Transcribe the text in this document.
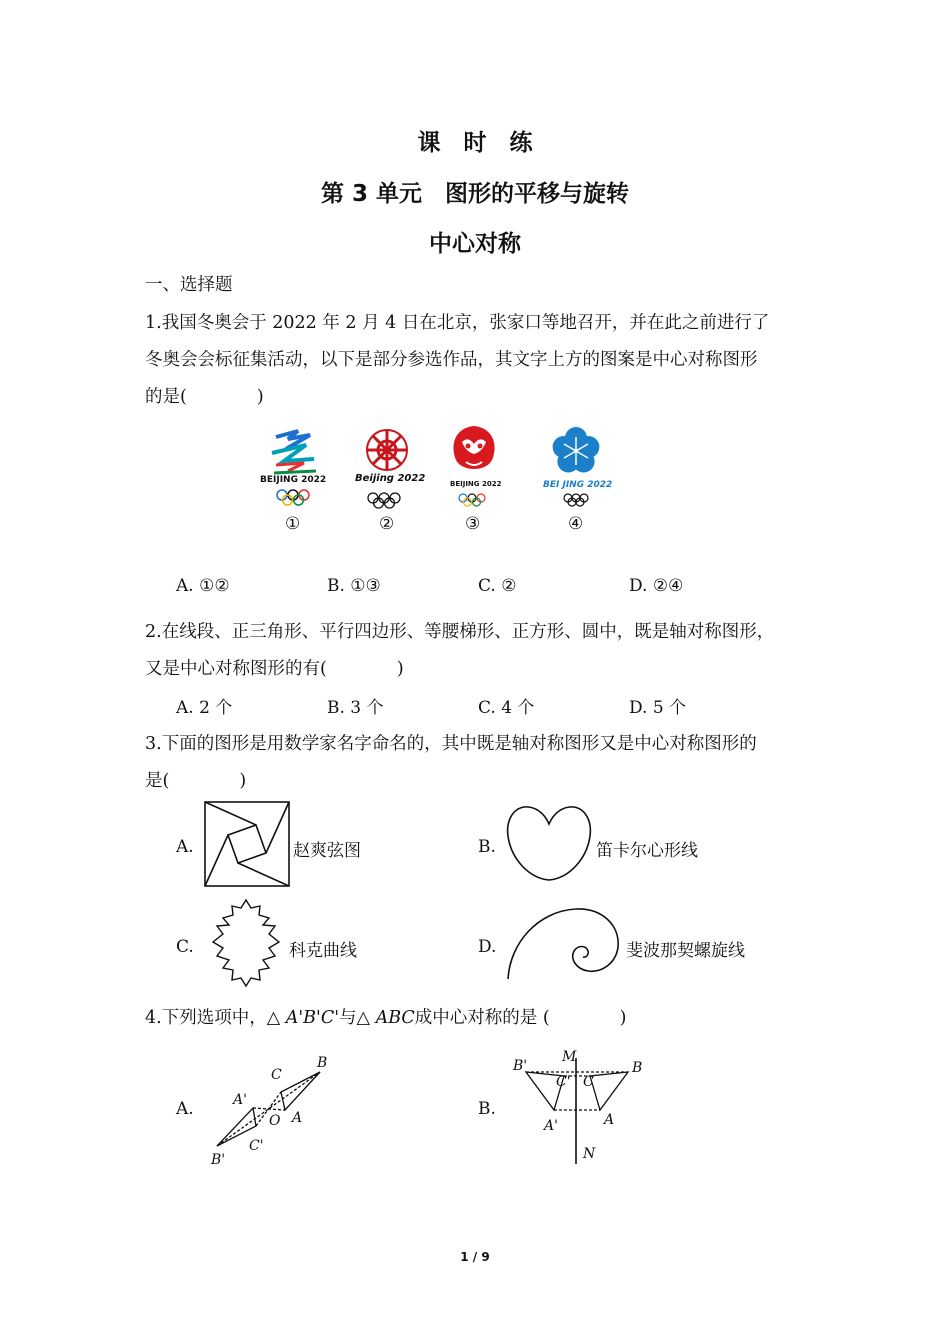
课　时　练
第 3 单元　图形的平移与旋转
中心对称
一、选择题
1.我国冬奥会于 2022 年 2 月 4 日在北京，张家口等地召开，并在此之前进行了
冬奥会会标征集活动，以下是部分参选作品，其文字上方的图案是中心对称图形
的是(　　　　)
BEIJING 2022
①
Beijing 2022
②
BEIJING 2022
③
BEI JING 2022
④
A. ①②	B. ①③	C. ②	D. ②④
2.在线段、正三角形、平行四边形、等腰梯形、正方形、圆中，既是轴对称图形，
又是中心对称图形的有(　　　　)
A. 2 个	B. 3 个	C. 4 个	D. 5 个
3.下面的图形是用数学家名字命名的，其中既是轴对称图形又是中心对称图形的
是(　　　　)
A.	赵爽弦图	B.	笛卡尔心形线
C.	科克曲线	D.	斐波那契螺旋线
4.下列选项中，△ A'B'C'与△ ABC成中心对称的是 (　　　　)
A.
B
C
A'
O A
C'
B'
B.
B'
M
C' C
B
A'	A
N
1 / 9
